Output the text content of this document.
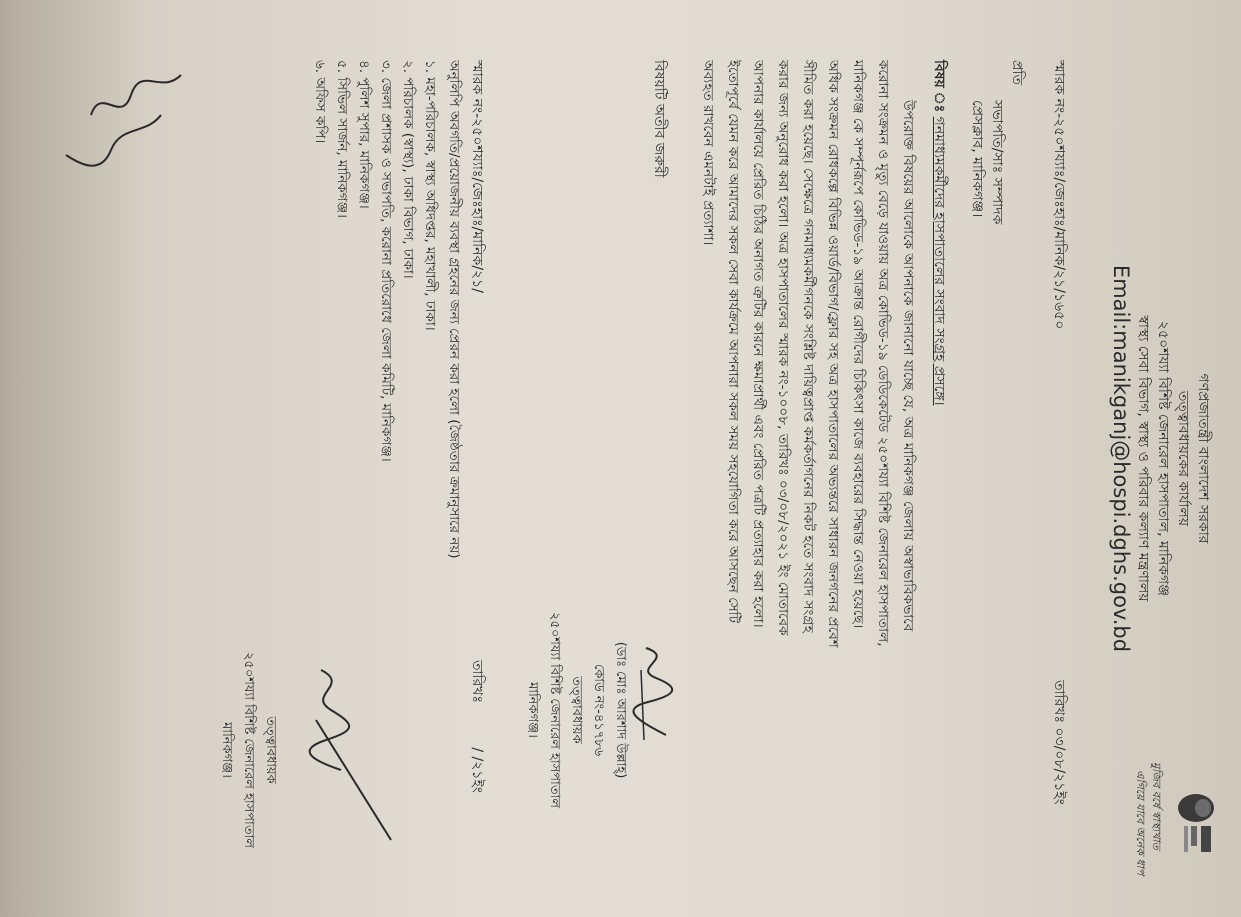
গণপ্রজাতন্ত্রী বাংলাদেশ সরকার
তত্ত্বাবধায়কের কার্যালয়
২৫০শয্যা বিশিষ্ট জেনারেল হাসপাতাল, মানিকগঞ্জ
স্বাস্থ্য সেবা বিভাগ, স্বাস্থ্য ও পরিবার কল্যাণ মন্ত্রণালয়
Email:manikganj@hospi.dghs.gov.bd
মুজিব বর্ষে স্বাস্থ্যখাত
এগিয়ে যাবে অনেক ধাপ
স্মারক নং-২৫০শয্যাঃ/জেঃহাঃ/মানিক/২১/১৬৫০
তারিখঃ ০৩/০৮/২১ইং
প্রতি
সভাপতি/সাঃ সম্পাদক
প্রেসক্লাব, মানিকগঞ্জ।
বিষয় ঃ গনমাধ্যমকর্মীদের হাসপাতালের সংবাদ সংগ্রহ প্রসঙ্গে।
উপরোক্ত বিষয়ের আলোকে আপনাকে জানানো যাচ্ছে যে, অত্র মানিকগঞ্জ জেলায় অস্বাভাবিকভাবে
করোনা সংক্রমন ও মৃত্যু বেড়ে যাওয়ায় অত্র কোভিড-১৯ ডেডিকেটেড ২৫০শয্যা বিশিষ্ট জেনারেল হাসপাতাল,
মানিকগঞ্জ কে সম্পূর্নরূপে কোভিড-১৯ আক্রান্ত রোগীদের চিকিৎসা কাজে ব্যবহারের সিদ্ধান্ত নেওয়া হয়েছে।
অধিক সংক্রমন রোধকল্পে বিভিন্ন ওয়ার্ড/বিভাগ/ফ্লোর সহ অত্র হাসপাতালের অভ্যন্তরে সাধারন জনগনের প্রবেশ
সীমিত করা হয়েছে। সেক্ষেত্রে গনমাধ্যমকর্মীগনকে সংশ্লিষ্ট দায়িত্বপ্রাপ্ত কর্মকর্তাগনের নিকট হতে সংবাদ সংগ্রহ
করার জন্য অনুরোধ করা হলো। অত্র হাসপাতালের স্মারক নং-১০০৮, তারিখঃ ০৩/০৮/২০২১ ইং মোতাবেক
আপনার কার্যালয়ে প্রেরিত চিঠির অনাগত ত্রুটির কারনে ক্ষমাপ্রার্থী এবং প্রেরিত পত্রটি প্রত্যাহার করা হলো।
ইতোপূর্বে যেমন করে আমাদের সকল সেবা কার্যক্রমে আপনারা সকল সময় সহযোগিতা করে আসছেন সেটি
অব্যহত রাখবেন এমনটাই প্রত্যাশা।
বিষয়টি অতীব জরুরী
(ডাঃ মোঃ আরশাদ উল্লাহ্)
কোড নং-৪১৭৮৬
তত্ত্বাবধায়ক
২৫০শয্যা বিশিষ্ট জেনারেল হাসপাতাল
মানিকগঞ্জ।
স্মারক নং-২৫০শয্যাঃ/জেঃহাঃ/মানিক/২১/
তারিখঃ / /২১ইং
অনুলিপি অবগতি/প্রয়োজনীয় ব্যবস্থা গ্রহনের জন্য প্রেরন করা হলো (জৈষ্ঠতার ক্রমানুসারে নয়)
১. মহা-পরিচালক, স্বাস্থ্য অধিদপ্তর, মহাখালী, ঢাকা।
২. পরিচালক (স্বাস্থ্য), ঢাকা বিভাগ, ঢাকা।
৩. জেলা প্রশাসক ও সভাপতি, করোনা প্রতিরোধে জেলা কমিটি, মানিকগঞ্জ।
৪. পুলিশ সুপার, মানিকগঞ্জ।
৫. সিভিল সার্জন, মানিকগঞ্জ।
৬. অফিস কপি।
তত্ত্বাবধায়ক
২৫০শয্যা বিশিষ্ট জেনারেল হাসপাতাল
মানিকগঞ্জ।
